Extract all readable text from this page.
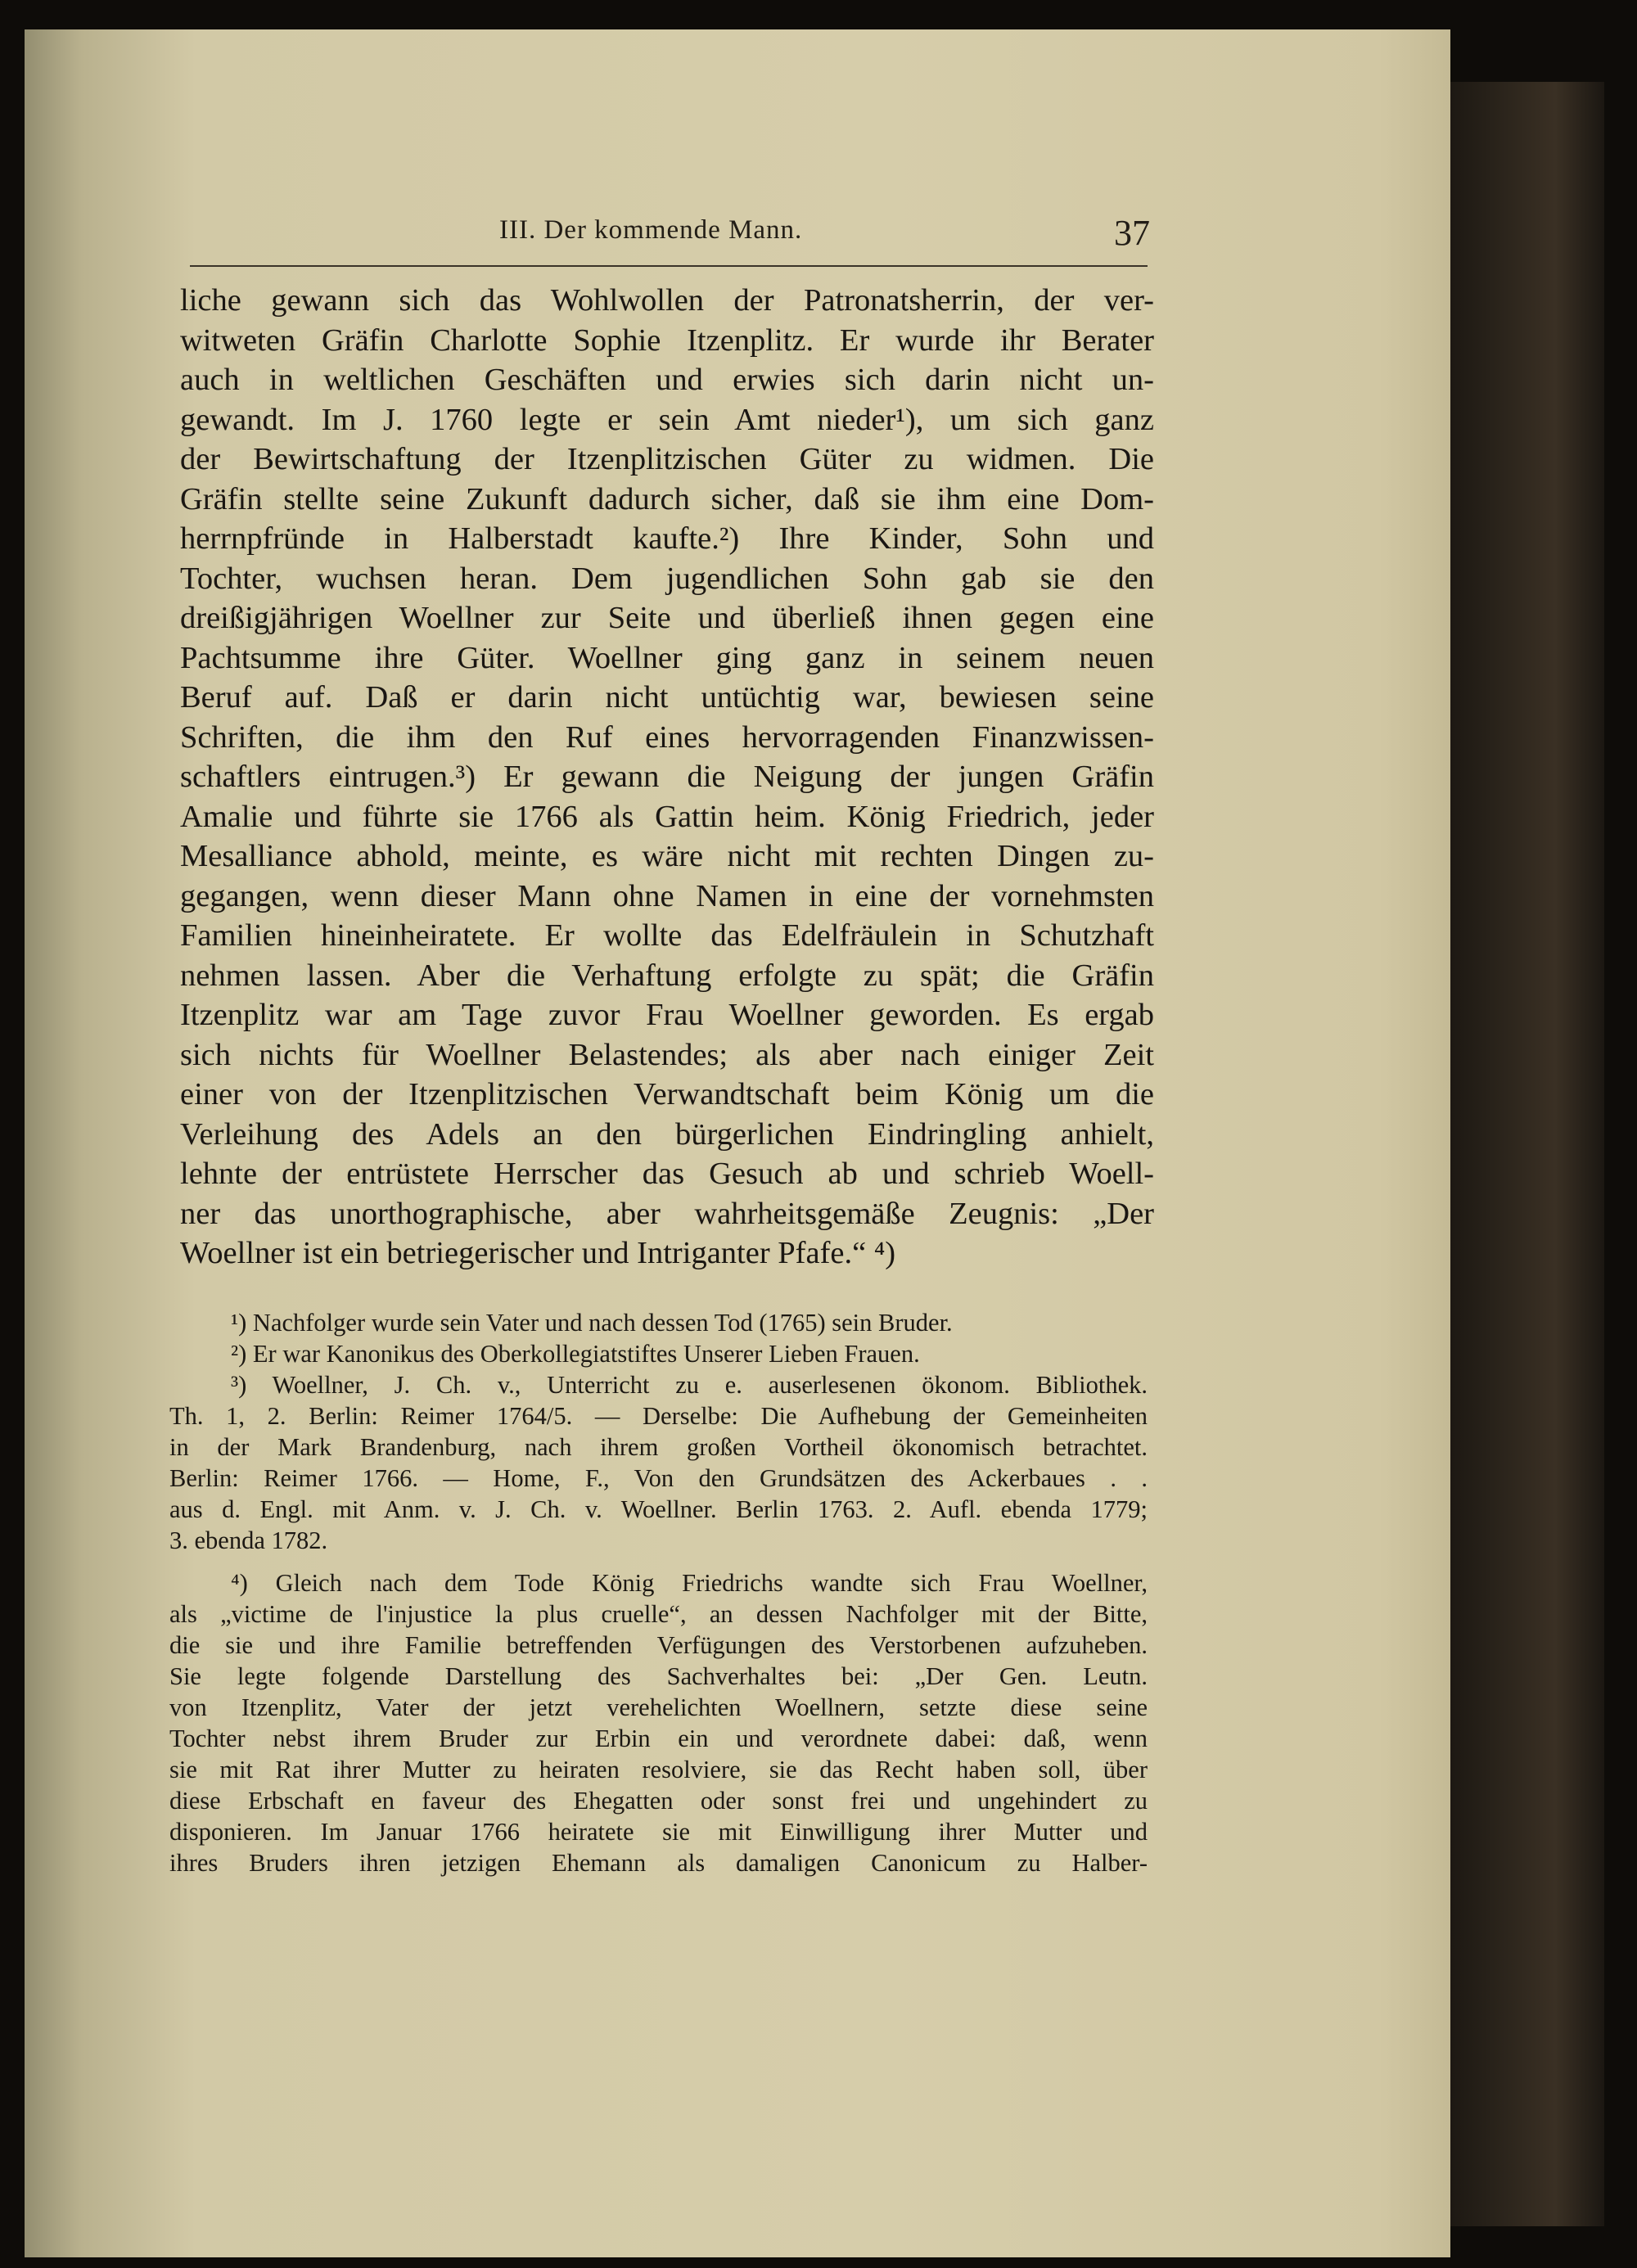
III. Der kommende Mann.	37
liche gewann sich das Wohlwollen der Patronatsherrin, der ver-
witweten Gräfin Charlotte Sophie Itzenplitz. Er wurde ihr Berater
auch in weltlichen Geschäften und erwies sich darin nicht un-
gewandt. Im J. 1760 legte er sein Amt nieder¹), um sich ganz
der Bewirtschaftung der Itzenplitzischen Güter zu widmen. Die
Gräfin stellte seine Zukunft dadurch sicher, daß sie ihm eine Dom-
herrnpfründe in Halberstadt kaufte.²) Ihre Kinder, Sohn und
Tochter, wuchsen heran. Dem jugendlichen Sohn gab sie den
dreißigjährigen Woellner zur Seite und überließ ihnen gegen eine
Pachtsumme ihre Güter. Woellner ging ganz in seinem neuen
Beruf auf. Daß er darin nicht untüchtig war, bewiesen seine
Schriften, die ihm den Ruf eines hervorragenden Finanzwissen-
schaftlers eintrugen.³) Er gewann die Neigung der jungen Gräfin
Amalie und führte sie 1766 als Gattin heim. König Friedrich, jeder
Mesalliance abhold, meinte, es wäre nicht mit rechten Dingen zu-
gegangen, wenn dieser Mann ohne Namen in eine der vornehmsten
Familien hineinheiratete. Er wollte das Edelfräulein in Schutzhaft
nehmen lassen. Aber die Verhaftung erfolgte zu spät; die Gräfin
Itzenplitz war am Tage zuvor Frau Woellner geworden. Es ergab
sich nichts für Woellner Belastendes; als aber nach einiger Zeit
einer von der Itzenplitzischen Verwandtschaft beim König um die
Verleihung des Adels an den bürgerlichen Eindringling anhielt,
lehnte der entrüstete Herrscher das Gesuch ab und schrieb Woell-
ner das unorthographische, aber wahrheitsgemäße Zeugnis: „Der
Woellner ist ein betriegerischer und Intriganter Pfafe.“ ⁴)
¹) Nachfolger wurde sein Vater und nach dessen Tod (1765) sein Bruder.
²) Er war Kanonikus des Oberkollegiatstiftes Unserer Lieben Frauen.
³) Woellner, J. Ch. v., Unterricht zu e. auserlesenen ökonom. Bibliothek.
Th. 1, 2. Berlin: Reimer 1764/5. — Derselbe: Die Aufhebung der Gemeinheiten
in der Mark Brandenburg, nach ihrem großen Vortheil ökonomisch betrachtet.
Berlin: Reimer 1766. — Home, F., Von den Grundsätzen des Ackerbaues . .
aus d. Engl. mit Anm. v. J. Ch. v. Woellner. Berlin 1763. 2. Aufl. ebenda 1779;
3. ebenda 1782.
⁴) Gleich nach dem Tode König Friedrichs wandte sich Frau Woellner,
als „victime de l'injustice la plus cruelle“, an dessen Nachfolger mit der Bitte,
die sie und ihre Familie betreffenden Verfügungen des Verstorbenen aufzuheben.
Sie legte folgende Darstellung des Sachverhaltes bei: „Der Gen. Leutn.
von Itzenplitz, Vater der jetzt verehelichten Woellnern, setzte diese seine
Tochter nebst ihrem Bruder zur Erbin ein und verordnete dabei: daß, wenn
sie mit Rat ihrer Mutter zu heiraten resolviere, sie das Recht haben soll, über
diese Erbschaft en faveur des Ehegatten oder sonst frei und ungehindert zu
disponieren. Im Januar 1766 heiratete sie mit Einwilligung ihrer Mutter und
ihres Bruders ihren jetzigen Ehemann als damaligen Canonicum zu Halber-
